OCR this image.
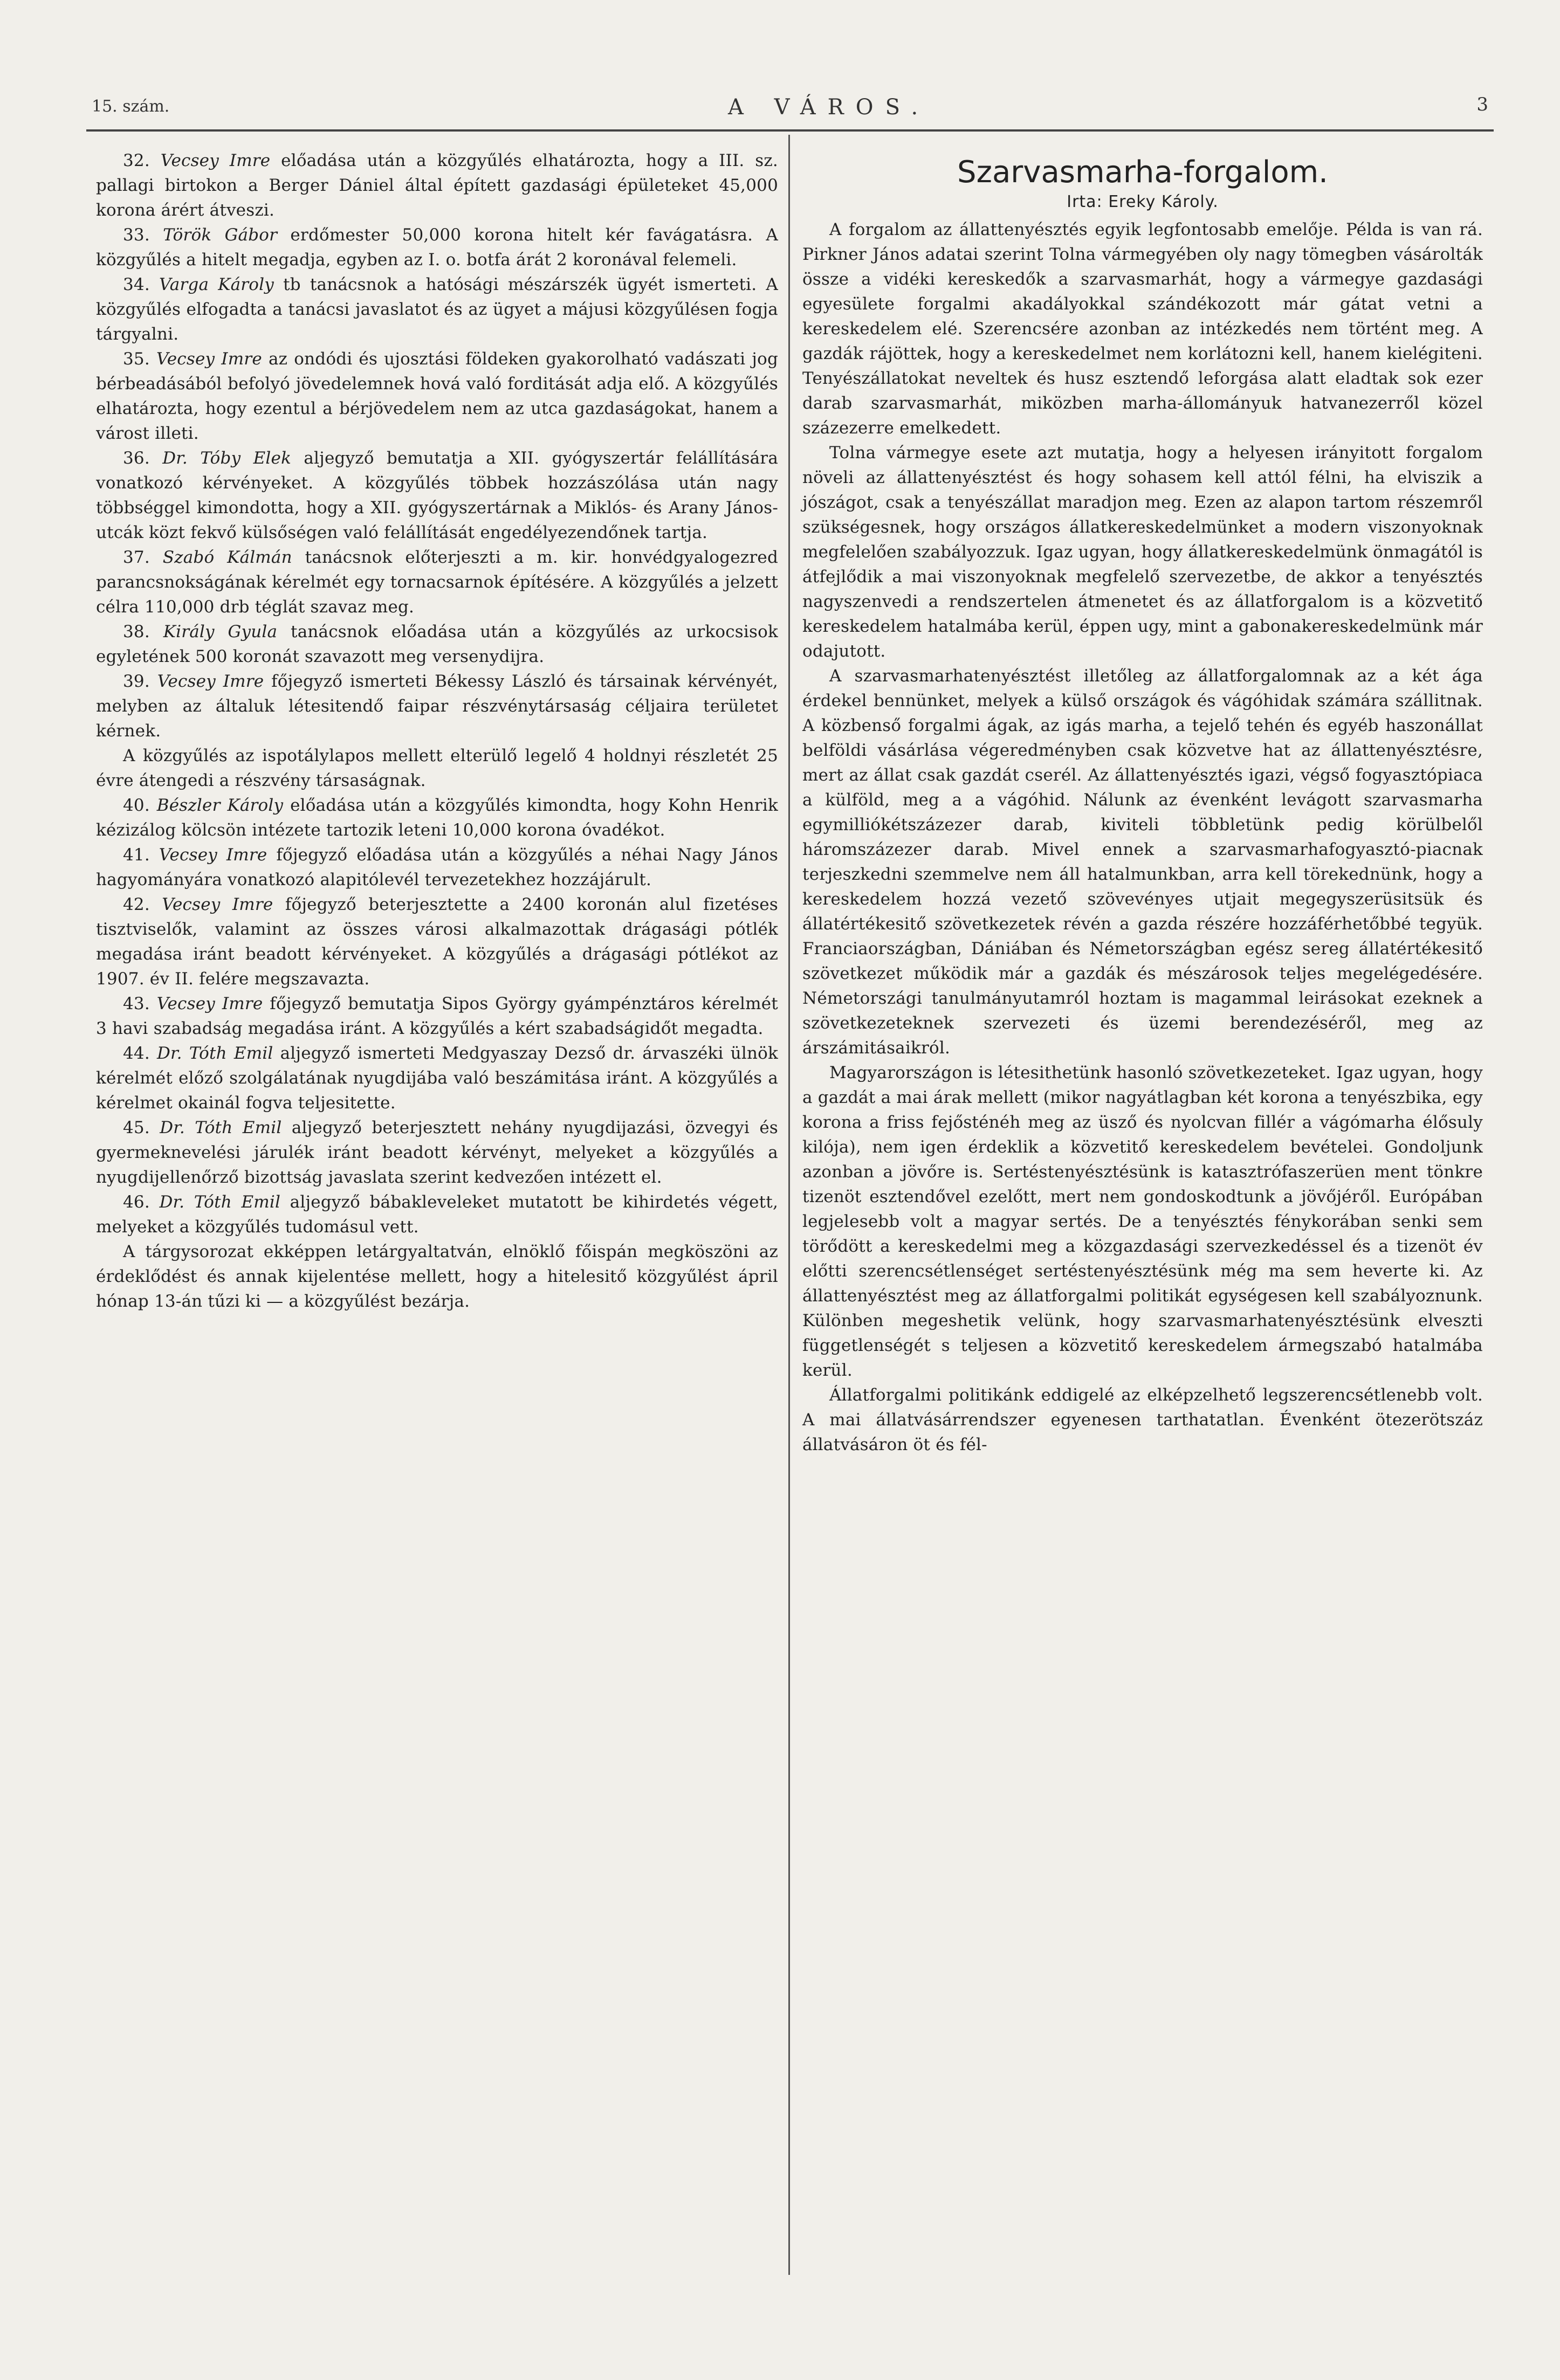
15. szám.	A VÁROS.	3

32. Vecsey Imre előadása után a közgyűlés elhatározta, hogy a III. sz. pallagi birtokon a Berger Dániel által épített gazdasági épületeket 45,000 korona árért átveszi.

33. Török Gábor erdőmester 50,000 korona hitelt kér favágatásra. A közgyűlés a hitelt megadja, egyben az I. o. botfa árát 2 koronával felemeli.

34. Varga Károly tb tanácsnok a hatósági mészárszék ügyét ismerteti. A közgyűlés elfogadta a tanácsi javaslatot és az ügyet a májusi közgyűlésen fogja tárgyalni.

35. Vecsey Imre az ondódi és ujosztási földeken gyakorolható vadászati jog bérbeadásából befolyó jövedelemnek hová való forditását adja elő. A közgyűlés elhatározta, hogy ezentul a bérjövedelem nem az utca gazdaságokat, hanem a várost illeti.

36. Dr. Tóby Elek aljegyző bemutatja a XII. gyógyszertár felállítására vonatkozó kérvényeket. A közgyűlés többek hozzászólása után nagy többséggel kimondotta, hogy a XII. gyógyszertárnak a Miklós- és Arany János-utcák közt fekvő külsőségen való felállítását engedélyezendőnek tartja.

37. Szabó Kálmán tanácsnok előterjeszti a m. kir. honvédgyalogezred parancsnokságának kérelmét egy tornacsarnok építésére. A közgyűlés a jelzett célra 110,000 drb téglát szavaz meg.

38. Király Gyula tanácsnok előadása után a közgyűlés az urkocsisok egyletének 500 koronát szavazott meg versenydijra.

39. Vecsey Imre főjegyző ismerteti Békessy László és társainak kérvényét, melyben az általuk létesitendő faipar részvénytársaság céljaira területet kérnek.

A közgyűlés az ispotálylapos mellett elterülő legelő 4 holdnyi részletét 25 évre átengedi a részvény társaságnak.

40. Bészler Károly előadása után a közgyűlés kimondta, hogy Kohn Henrik kézizálog kölcsön intézete tartozik leteni 10,000 korona óvadékot.

41. Vecsey Imre főjegyző előadása után a közgyűlés a néhai Nagy János hagyományára vonatkozó alapitólevél tervezetekhez hozzájárult.

42. Vecsey Imre főjegyző beterjesztette a 2400 koronán alul fizetéses tisztviselők, valamint az összes városi alkalmazottak drágasági pótlék megadása iránt beadott kérvényeket. A közgyűlés a drágasági pótlékot az 1907. év II. felére megszavazta.

43. Vecsey Imre főjegyző bemutatja Sipos György gyámpénztáros kérelmét 3 havi szabadság megadása iránt. A közgyűlés a kért szabadságidőt megadta.

44. Dr. Tóth Emil aljegyző ismerteti Medgyaszay Dezső dr. árvaszéki ülnök kérelmét előző szolgálatának nyugdijába való beszámitása iránt. A közgyűlés a kérelmet okainál fogva teljesitette.

45. Dr. Tóth Emil aljegyző beterjesztett nehány nyugdijazási, özvegyi és gyermeknevelési járulék iránt beadott kérvényt, melyeket a közgyűlés a nyugdijellenőrző bizottság javaslata szerint kedvezően intézett el.

46. Dr. Tóth Emil aljegyző bábakleveleket mutatott be kihirdetés végett, melyeket a közgyűlés tudomásul vett.

A tárgysorozat ekképpen letárgyaltatván, elnöklő főispán megköszöni az érdeklődést és annak kijelentése mellett, hogy a hitelesitő közgyűlést ápril hónap 13-án tűzi ki — a közgyűlést bezárja.

Szarvasmarha-forgalom.
Irta: Ereky Károly.

A forgalom az állattenyésztés egyik legfontosabb emelője. Példa is van rá. Pirkner János adatai szerint Tolna vármegyében oly nagy tömegben vásárolták össze a vidéki kereskedők a szarvasmarhát, hogy a vármegye gazdasági egyesülete forgalmi akadályokkal szándékozott már gátat vetni a kereskedelem elé. Szerencsére azonban az intézkedés nem történt meg. A gazdák rájöttek, hogy a kereskedelmet nem korlátozni kell, hanem kielégiteni. Tenyészállatokat neveltek és husz esztendő leforgása alatt eladtak sok ezer darab szarvasmarhát, miközben marha-állományuk hatvanezerről közel százezerre emelkedett.

Tolna vármegye esete azt mutatja, hogy a helyesen irányitott forgalom növeli az állattenyésztést és hogy sohasem kell attól félni, ha elviszik a jószágot, csak a tenyészállat maradjon meg. Ezen az alapon tartom részemről szükségesnek, hogy országos állatkereskedelmünket a modern viszonyoknak megfelelően szabályozzuk. Igaz ugyan, hogy állatkereskedelmünk önmagától is átfejlődik a mai viszonyoknak megfelelő szervezetbe, de akkor a tenyésztés nagyszenvedi a rendszertelen átmenetet és az állatforgalom is a közvetitő kereskedelem hatalmába kerül, éppen ugy, mint a gabonakereskedelmünk már odajutott.

A szarvasmarhatenyésztést illetőleg az állatforgalomnak az a két ága érdekel bennünket, melyek a külső országok és vágóhidak számára szállitnak. A közbenső forgalmi ágak, az igás marha, a tejelő tehén és egyéb haszonállat belföldi vásárlása végeredményben csak közvetve hat az állattenyésztésre, mert az állat csak gazdát cserél. Az állattenyésztés igazi, végső fogyasztópiaca a külföld, meg a a vágóhid. Nálunk az évenként levágott szarvasmarha egymilliókétszázezer darab, kiviteli többletünk pedig körülbelől háromszázezer darab. Mivel ennek a szarvasmarhafogyasztó-piacnak terjeszkedni szemmelve nem áll hatalmunkban, arra kell törekednünk, hogy a kereskedelem hozzá vezető szövevényes utjait megegyszerüsitsük és állatértékesitő szövetkezetek révén a gazda részére hozzáférhetőbbé tegyük. Franciaországban, Dániában és Németországban egész sereg állatértékesitő szövetkezet működik már a gazdák és mészárosok teljes megelégedésére. Németországi tanulmányutamról hoztam is magammal leirásokat ezeknek a szövetkezeteknek szervezeti és üzemi berendezéséről, meg az árszámitásaikról.

Magyarországon is létesithetünk hasonló szövetkezeteket. Igaz ugyan, hogy a gazdát a mai árak mellett (mikor nagyátlagban két korona a tenyészbika, egy korona a friss fejősténéh meg az üsző és nyolcvan fillér a vágómarha élősuly kilója), nem igen érdeklik a közvetitő kereskedelem bevételei. Gondoljunk azonban a jövőre is. Sertéstenyésztésünk is katasztrófaszerüen ment tönkre tizenöt esztendővel ezelőtt, mert nem gondoskodtunk a jövőjéről. Európában legjelesebb volt a magyar sertés. De a tenyésztés fénykorában senki sem törődött a kereskedelmi meg a közgazdasági szervezkedéssel és a tizenöt év előtti szerencsétlenséget sertéstenyésztésünk még ma sem heverte ki. Az állattenyésztést meg az állatforgalmi politikát egységesen kell szabályoznunk. Különben megeshetik velünk, hogy szarvasmarhatenyésztésünk elveszti függetlenségét s teljesen a közvetitő kereskedelem ármegszabó hatalmába kerül.

Állatforgalmi politikánk eddigelé az elképzelhető legszerencsétlenebb volt. A mai állatvásárrendszer egyenesen tarthatatlan. Évenként ötezerötszáz állatvásáron öt és fél-
